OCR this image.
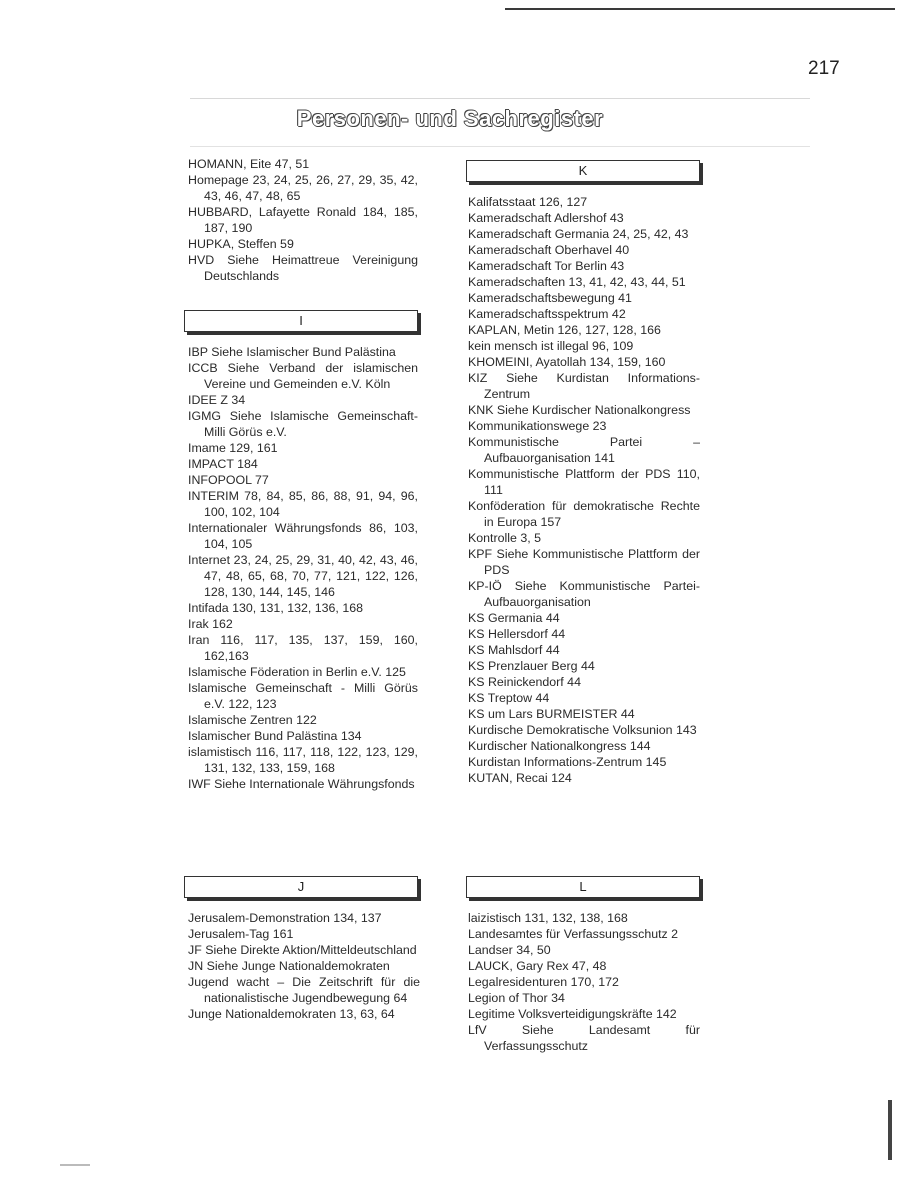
217
Personen- und Sachregister
HOMANN, Eite 47, 51
Homepage 23, 24, 25, 26, 27, 29, 35, 42, 43, 46, 47, 48, 65
HUBBARD, Lafayette Ronald 184, 185, 187, 190
HUPKA, Steffen 59
HVD Siehe Heimattreue Vereinigung Deutschlands
I
IBP Siehe Islamischer Bund Palästina
ICCB Siehe Verband der islamischen Vereine und Gemeinden e.V. Köln
IDEE Z 34
IGMG Siehe Islamische Gemeinschaft-Milli Görüs e.V.
Imame 129, 161
IMPACT 184
INFOPOOL 77
INTERIM 78, 84, 85, 86, 88, 91, 94, 96, 100, 102, 104
Internationaler Währungsfonds 86, 103, 104, 105
Internet 23, 24, 25, 29, 31, 40, 42, 43, 46, 47, 48, 65, 68, 70, 77, 121, 122, 126, 128, 130, 144, 145, 146
Intifada 130, 131, 132, 136, 168
Irak 162
Iran 116, 117, 135, 137, 159, 160, 162,163
Islamische Föderation in Berlin e.V. 125
Islamische Gemeinschaft - Milli Görüs e.V. 122, 123
Islamische Zentren 122
Islamischer Bund Palästina 134
islamistisch 116, 117, 118, 122, 123, 129, 131, 132, 133, 159, 168
IWF Siehe Internationale Währungsfonds
J
Jerusalem-Demonstration 134, 137
Jerusalem-Tag 161
JF Siehe Direkte Aktion/Mitteldeutschland
JN Siehe Junge Nationaldemokraten
Jugend wacht – Die Zeitschrift für die nationalistische Jugendbewegung 64
Junge Nationaldemokraten 13, 63, 64
K
Kalifatsstaat 126, 127
Kameradschaft Adlershof 43
Kameradschaft Germania 24, 25, 42, 43
Kameradschaft Oberhavel 40
Kameradschaft Tor Berlin 43
Kameradschaften 13, 41, 42, 43, 44, 51
Kameradschaftsbewegung 41
Kameradschaftsspektrum 42
KAPLAN, Metin 126, 127, 128, 166
kein mensch ist illegal 96, 109
KHOMEINI, Ayatollah 134, 159, 160
KIZ Siehe Kurdistan Informations-Zentrum
KNK Siehe Kurdischer Nationalkongress
Kommunikationswege 23
Kommunistische Partei – Aufbauorganisation 141
Kommunistische Plattform der PDS 110, 111
Konföderation für demokratische Rechte in Europa 157
Kontrolle 3, 5
KPF Siehe Kommunistische Plattform der PDS
KP-IÖ Siehe Kommunistische Partei-Aufbauorganisation
KS Germania 44
KS Hellersdorf 44
KS Mahlsdorf 44
KS Prenzlauer Berg 44
KS Reinickendorf 44
KS Treptow 44
KS um Lars BURMEISTER 44
Kurdische Demokratische Volksunion 143
Kurdischer Nationalkongress 144
Kurdistan Informations-Zentrum 145
KUTAN, Recai 124
L
laizistisch 131, 132, 138, 168
Landesamtes für Verfassungsschutz 2
Landser 34, 50
LAUCK, Gary Rex 47, 48
Legalresidenturen 170, 172
Legion of Thor 34
Legitime Volksverteidigungskräfte 142
LfV Siehe Landesamt für Verfassungsschutz
